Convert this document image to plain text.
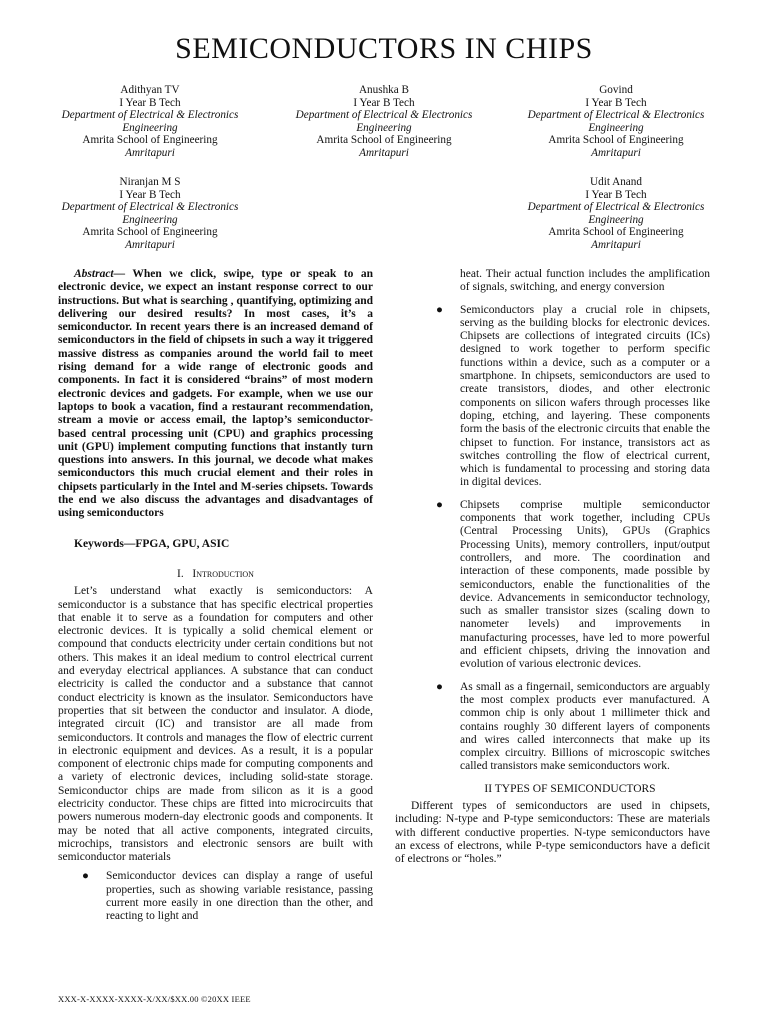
SEMICONDUCTORS IN CHIPS
Adithyan TV
I Year B Tech
Department of Electrical & Electronics Engineering
Amrita School of Engineering
Amritapuri
Anushka B
I Year B Tech
Department of Electrical & Electronics Engineering
Amrita School of Engineering
Amritapuri
Govind
I Year B Tech
Department of Electrical & Electronics Engineering
Amrita School of Engineering
Amritapuri
Niranjan M S
I Year B Tech
Department of Electrical & Electronics Engineering
Amrita School of Engineering
Amritapuri
Udit Anand
I Year B Tech
Department of Electrical & Electronics Engineering
Amrita School of Engineering
Amritapuri

Abstract— When we click, swipe, type or speak to an electronic device, we expect an instant response correct to our instructions. But what is searching , quantifying, optimizing and delivering our desired results? In most cases, it’s a semiconductor. In recent years there is an increased demand of semiconductors in the field of chipsets in such a way it triggered massive distress as companies around the world fail to meet rising demand for a wide range of electronic goods and components. In fact it is considered “brains” of most modern electronic devices and gadgets. For example, when we use our laptops to book a vacation, find a restaurant recommendation, stream a movie or access email, the laptop’s semiconductor-based central processing unit (CPU) and graphics processing unit (GPU) implement computing functions that instantly turn questions into answers. In this journal, we decode what makes semiconductors this much crucial element and their roles in chipsets particularly in the Intel and M-series chipsets. Towards the end we also discuss the advantages and disadvantages of using semiconductors

Keywords—FPGA, GPU, ASIC

I. Introduction

Let’s understand what exactly is semiconductors: A semiconductor is a substance that has specific electrical properties that enable it to serve as a foundation for computers and other electronic devices. It is typically a solid chemical element or compound that conducts electricity under certain conditions but not others. This makes it an ideal medium to control electrical current and everyday electrical appliances. A substance that can conduct electricity is called the conductor and a substance that cannot conduct electricity is known as the insulator. Semiconductors have properties that sit between the conductor and insulator. A diode, integrated circuit (IC) and transistor are all made from semiconductors. It controls and manages the flow of electric current in electronic equipment and devices. As a result, it is a popular component of electronic chips made for computing components and a variety of electronic devices, including solid-state storage. Semiconductor chips are made from silicon as it is a good electricity conductor. These chips are fitted into microcircuits that powers numerous modern-day electronic goods and components. It may be noted that all active components, integrated circuits, microchips, transistors and electronic sensors are built with semiconductor materials

● Semiconductor devices can display a range of useful properties, such as showing variable resistance, passing current more easily in one direction than the other, and reacting to light and

heat. Their actual function includes the amplification of signals, switching, and energy conversion

● Semiconductors play a crucial role in chipsets, serving as the building blocks for electronic devices. Chipsets are collections of integrated circuits (ICs) designed to work together to perform specific functions within a device, such as a computer or a smartphone. In chipsets, semiconductors are used to create transistors, diodes, and other electronic components on silicon wafers through processes like doping, etching, and layering. These components form the basis of the electronic circuits that enable the chipset to function. For instance, transistors act as switches controlling the flow of electrical current, which is fundamental to processing and storing data in digital devices.
● Chipsets comprise multiple semiconductor components that work together, including CPUs (Central Processing Units), GPUs (Graphics Processing Units), memory controllers, input/output controllers, and more. The coordination and interaction of these components, made possible by semiconductors, enable the functionalities of the device. Advancements in semiconductor technology, such as smaller transistor sizes (scaling down to nanometer levels) and improvements in manufacturing processes, have led to more powerful and efficient chipsets, driving the innovation and evolution of various electronic devices.
● As small as a fingernail, semiconductors are arguably the most complex products ever manufactured. A common chip is only about 1 millimeter thick and contains roughly 30 different layers of components and wires called interconnects that make up its complex circuitry. Billions of microscopic switches called transistors make semiconductors work.

II TYPES OF SEMICONDUCTORS

Different types of semiconductors are used in chipsets, including: N-type and P-type semiconductors: These are materials with different conductive properties. N-type semiconductors have an excess of electrons, while P-type semiconductors have a deficit of electrons or “holes.”

XXX-X-XXXX-XXXX-X/XX/$XX.00 ©20XX IEEE
